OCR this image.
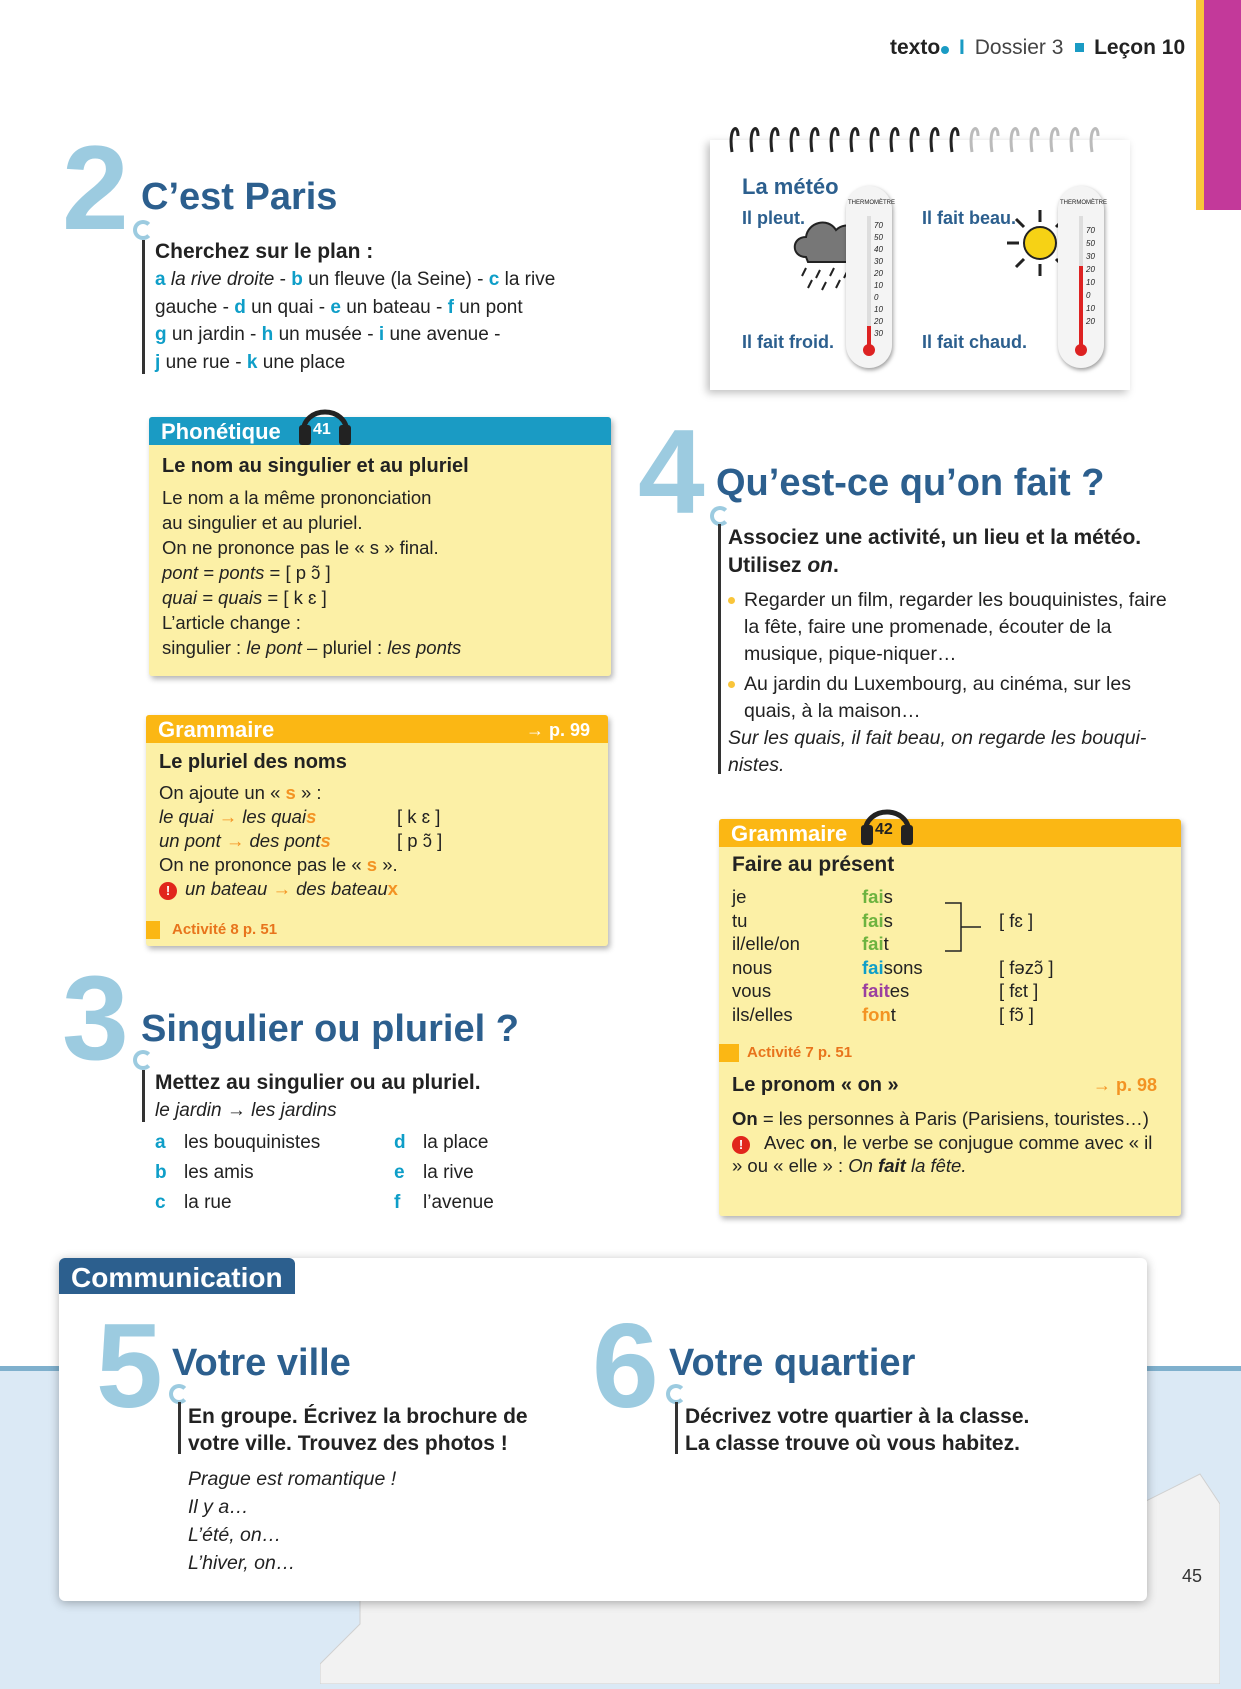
texto I Dossier 3 Leçon 10
2 C’est Paris
Cherchez sur le plan :
a la rive droite - b un fleuve (la Seine) - c la rive gauche - d un quai - e un bateau - f un pont
g un jardin - h un musée - i une avenue -
j une rue - k une place
La météo
Il pleut.	Il fait beau.
Il fait froid.	Il fait chaud.
THERMOMÈTRE
70
50
40
30
20
10
0
10
20
30
THERMOMÈTRE
70
50
30
20
10
0
10
20
Phonétique	41
Le nom au singulier et au pluriel
Le nom a la même prononciation
au singulier et au pluriel.
On ne prononce pas le « s » final.
pont = ponts = [ p ɔ̃ ]
quai = quais = [ k ɛ ]
L’article change :
singulier : le pont – pluriel : les ponts
Grammaire	→ p. 99
Le pluriel des noms
On ajoute un « s » :
le quai → les quais	[ k ɛ ]
un pont → des ponts	[ p ɔ̃ ]
On ne prononce pas le « s ».
! un bateau → des bateaux
Activité 8 p. 51
3 Singulier ou pluriel ?
Mettez au singulier ou au pluriel.
le jardin → les jardins
a les bouquinistes	d la place
b les amis	e la rive
c la rue	f l’avenue
4 Qu’est-ce qu’on fait ?
Associez une activité, un lieu et la météo.
Utilisez on.
Regarder un film, regarder les bouquinistes, faire la fête, faire une promenade, écouter de la musique, pique-niquer…
Au jardin du Luxembourg, au cinéma, sur les quais, à la maison…
Sur les quais, il fait beau, on regarde les bouqui-nistes.
Grammaire	42
Faire au présent
je	fais
tu	fais	[ fɛ ]
il/elle/on	fait
nous	faisons	[ fəzɔ̃ ]
vous	faites	[ fɛt ]
ils/elles	font	[ fɔ̃ ]
Activité 7 p. 51
Le pronom « on »	→ p. 98
On = les personnes à Paris (Parisiens, touristes…)
! Avec on, le verbe se conjugue comme avec « il » ou « elle » : On fait la fête.
Communication
5 Votre ville
En groupe. Écrivez la brochure de
votre ville. Trouvez des photos !
Prague est romantique !
Il y a…
L’été, on…
L’hiver, on…
6 Votre quartier
Décrivez votre quartier à la classe.
La classe trouve où vous habitez.
45
